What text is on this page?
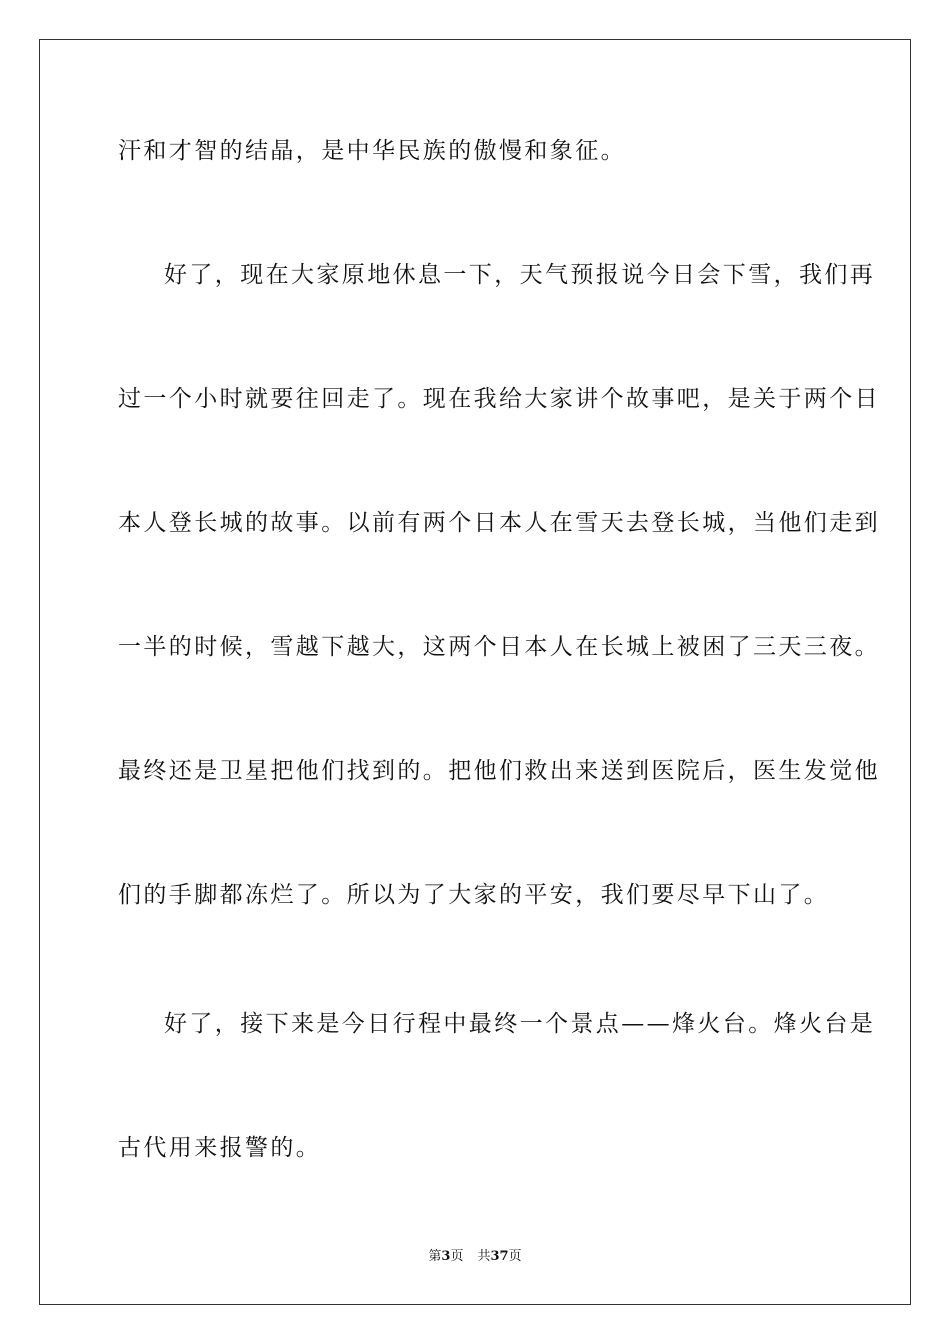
汗和才智的结晶，是中华民族的傲慢和象征。
好了，现在大家原地休息一下，天气预报说今日会下雪，我们再
过一个小时就要往回走了。现在我给大家讲个故事吧，是关于两个日
本人登长城的故事。以前有两个日本人在雪天去登长城，当他们走到
一半的时候，雪越下越大，这两个日本人在长城上被困了三天三夜。
最终还是卫星把他们找到的。把他们救出来送到医院后，医生发觉他
们的手脚都冻烂了。所以为了大家的平安，我们要尽早下山了。
好了，接下来是今日行程中最终一个景点——烽火台。烽火台是
古代用来报警的。
第3页 共37页
